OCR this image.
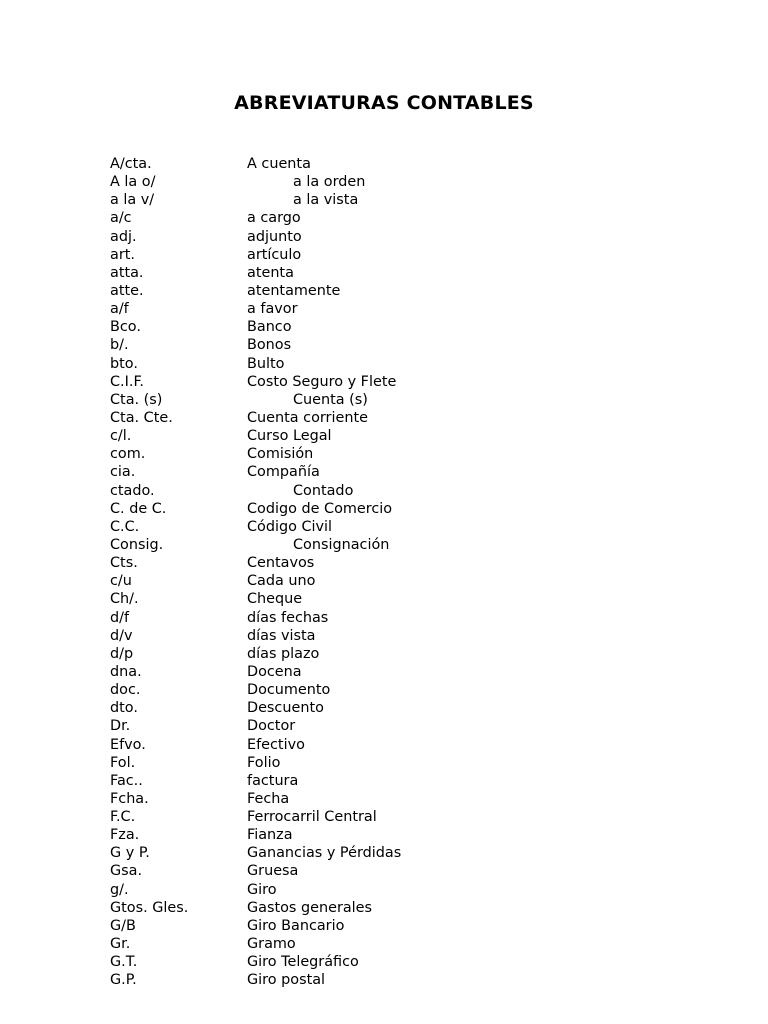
ABREVIATURAS CONTABLES
A/cta.	A cuenta
A la o/	a la orden
a la v/	a la vista
a/c	a cargo
adj.	adjunto
art.	artículo
atta.	atenta
atte.	atentamente
a/f	a favor
Bco.	Banco
b/.	Bonos
bto.	Bulto
C.I.F.	Costo Seguro y Flete
Cta. (s)	Cuenta (s)
Cta. Cte.	Cuenta corriente
c/l.	Curso Legal
com.	Comisión
cia.	Compañía
ctado.	Contado
C. de C.	Codigo de Comercio
C.C.	Código Civil
Consig.	Consignación
Cts.	Centavos
c/u	Cada uno
Ch/.	Cheque
d/f	días fechas
d/v	días vista
d/p	días plazo
dna.	Docena
doc.	Documento
dto.	Descuento
Dr.	Doctor
Efvo.	Efectivo
Fol.	Folio
Fac..	factura
Fcha.	Fecha
F.C.	Ferrocarril Central
Fza.	Fianza
G y P.	Ganancias y Pérdidas
Gsa.	Gruesa
g/.	Giro
Gtos. Gles.	Gastos generales
G/B	Giro Bancario
Gr.	Gramo
G.T.	Giro Telegráfico
G.P.	Giro postal
